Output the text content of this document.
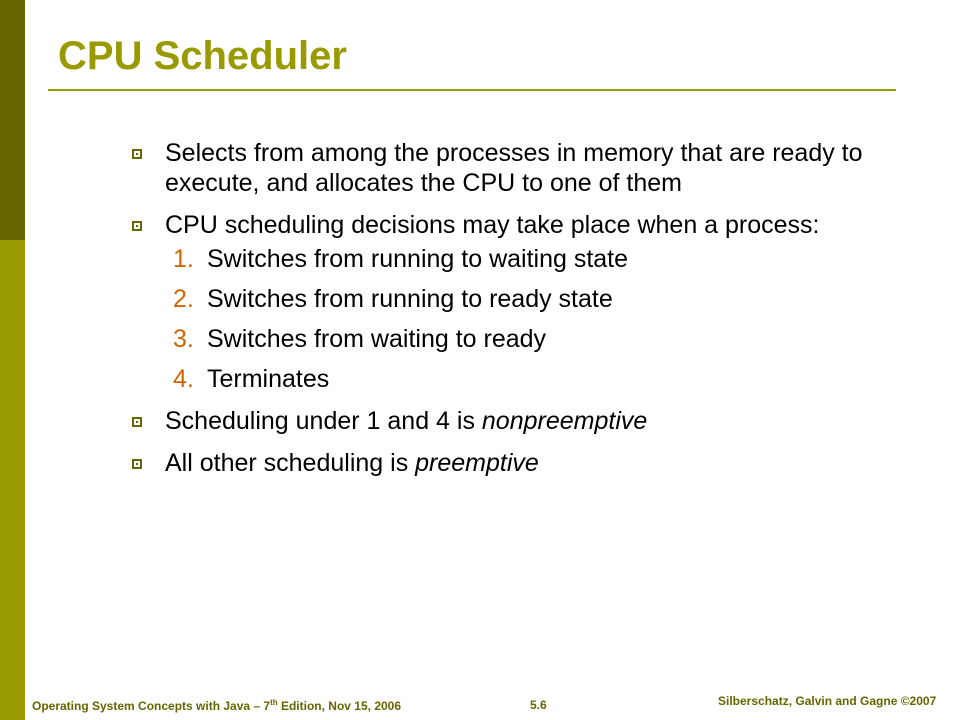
CPU Scheduler
Selects from among the processes in memory that are ready to execute, and allocates the CPU to one of them
CPU scheduling decisions may take place when a process:
1. Switches from running to waiting state
2. Switches from running to ready state
3. Switches from waiting to ready
4. Terminates
Scheduling under 1 and 4 is nonpreemptive
All other scheduling is preemptive
Operating System Concepts with Java – 7th Edition, Nov 15, 2006	5.6	Silberschatz, Galvin and Gagne ©2007
